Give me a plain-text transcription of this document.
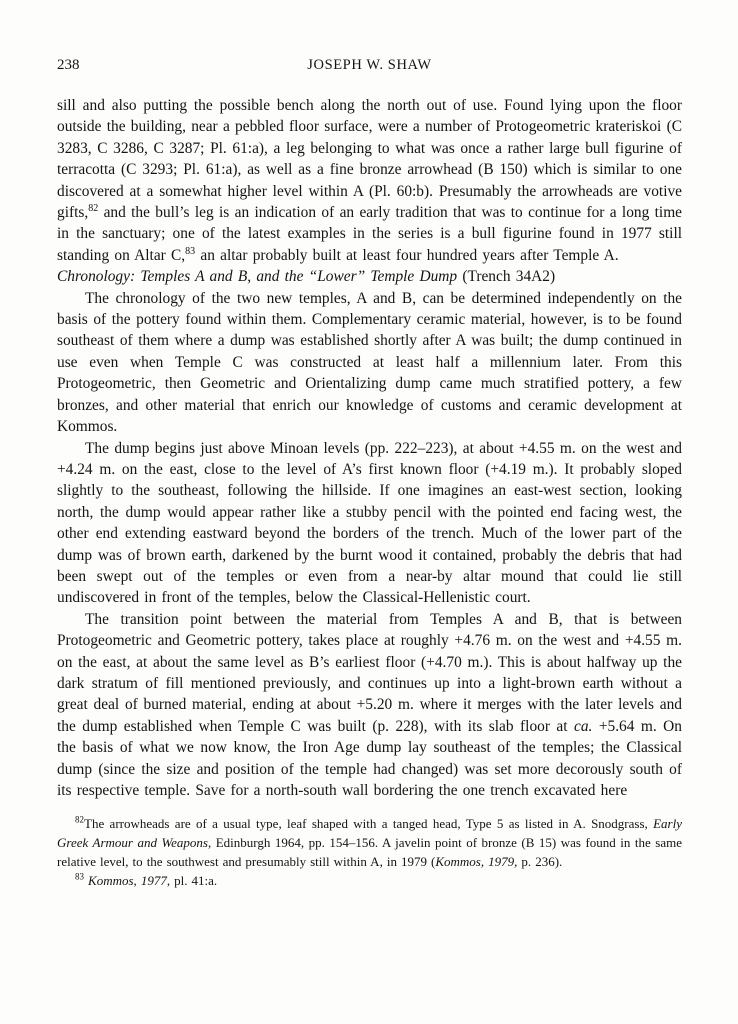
238	JOSEPH W. SHAW

sill and also putting the possible bench along the north out of use. Found lying upon the floor outside the building, near a pebbled floor surface, were a number of Protogeometric krateriskoi (C 3283, C 3286, C 3287; Pl. 61:a), a leg belonging to what was once a rather large bull figurine of terracotta (C 3293; Pl. 61:a), as well as a fine bronze arrowhead (B 150) which is similar to one discovered at a somewhat higher level within A (Pl. 60:b). Presumably the arrowheads are votive gifts,$^{82}$ and the bull’s leg is an indication of an early tradition that was to continue for a long time in the sanctuary; one of the latest examples in the series is a bull figurine found in 1977 still standing on Altar C,$^{83}$ an altar probably built at least four hundred years after Temple A.

Chronology: Temples A and B, and the “Lower” Temple Dump (Trench 34A2)

The chronology of the two new temples, A and B, can be determined independently on the basis of the pottery found within them. Complementary ceramic material, however, is to be found southeast of them where a dump was established shortly after A was built; the dump continued in use even when Temple C was constructed at least half a millennium later. From this Protogeometric, then Geometric and Orientalizing dump came much stratified pottery, a few bronzes, and other material that enrich our knowledge of customs and ceramic development at Kommos.

The dump begins just above Minoan levels (pp. 222–223), at about +4.55 m. on the west and +4.24 m. on the east, close to the level of A’s first known floor (+4.19 m.). It probably sloped slightly to the southeast, following the hillside. If one imagines an east-west section, looking north, the dump would appear rather like a stubby pencil with the pointed end facing west, the other end extending eastward beyond the borders of the trench. Much of the lower part of the dump was of brown earth, darkened by the burnt wood it contained, probably the debris that had been swept out of the temples or even from a near-by altar mound that could lie still undiscovered in front of the temples, below the Classical-Hellenistic court.

The transition point between the material from Temples A and B, that is between Protogeometric and Geometric pottery, takes place at roughly +4.76 m. on the west and +4.55 m. on the east, at about the same level as B’s earliest floor (+4.70 m.). This is about halfway up the dark stratum of fill mentioned previously, and continues up into a light-brown earth without a great deal of burned material, ending at about +5.20 m. where it merges with the later levels and the dump established when Temple C was built (p. 228), with its slab floor at ca. +5.64 m. On the basis of what we now know, the Iron Age dump lay southeast of the temples; the Classical dump (since the size and position of the temple had changed) was set more decorously south of its respective temple. Save for a north-south wall bordering the one trench excavated here

$^{82}$The arrowheads are of a usual type, leaf shaped with a tanged head, Type 5 as listed in A. Snodgrass, Early Greek Armour and Weapons, Edinburgh 1964, pp. 154–156. A javelin point of bronze (B 15) was found in the same relative level, to the southwest and presumably still within A, in 1979 (Kommos, 1979, p. 236).

$^{83}$ Kommos, 1977, pl. 41:a.
